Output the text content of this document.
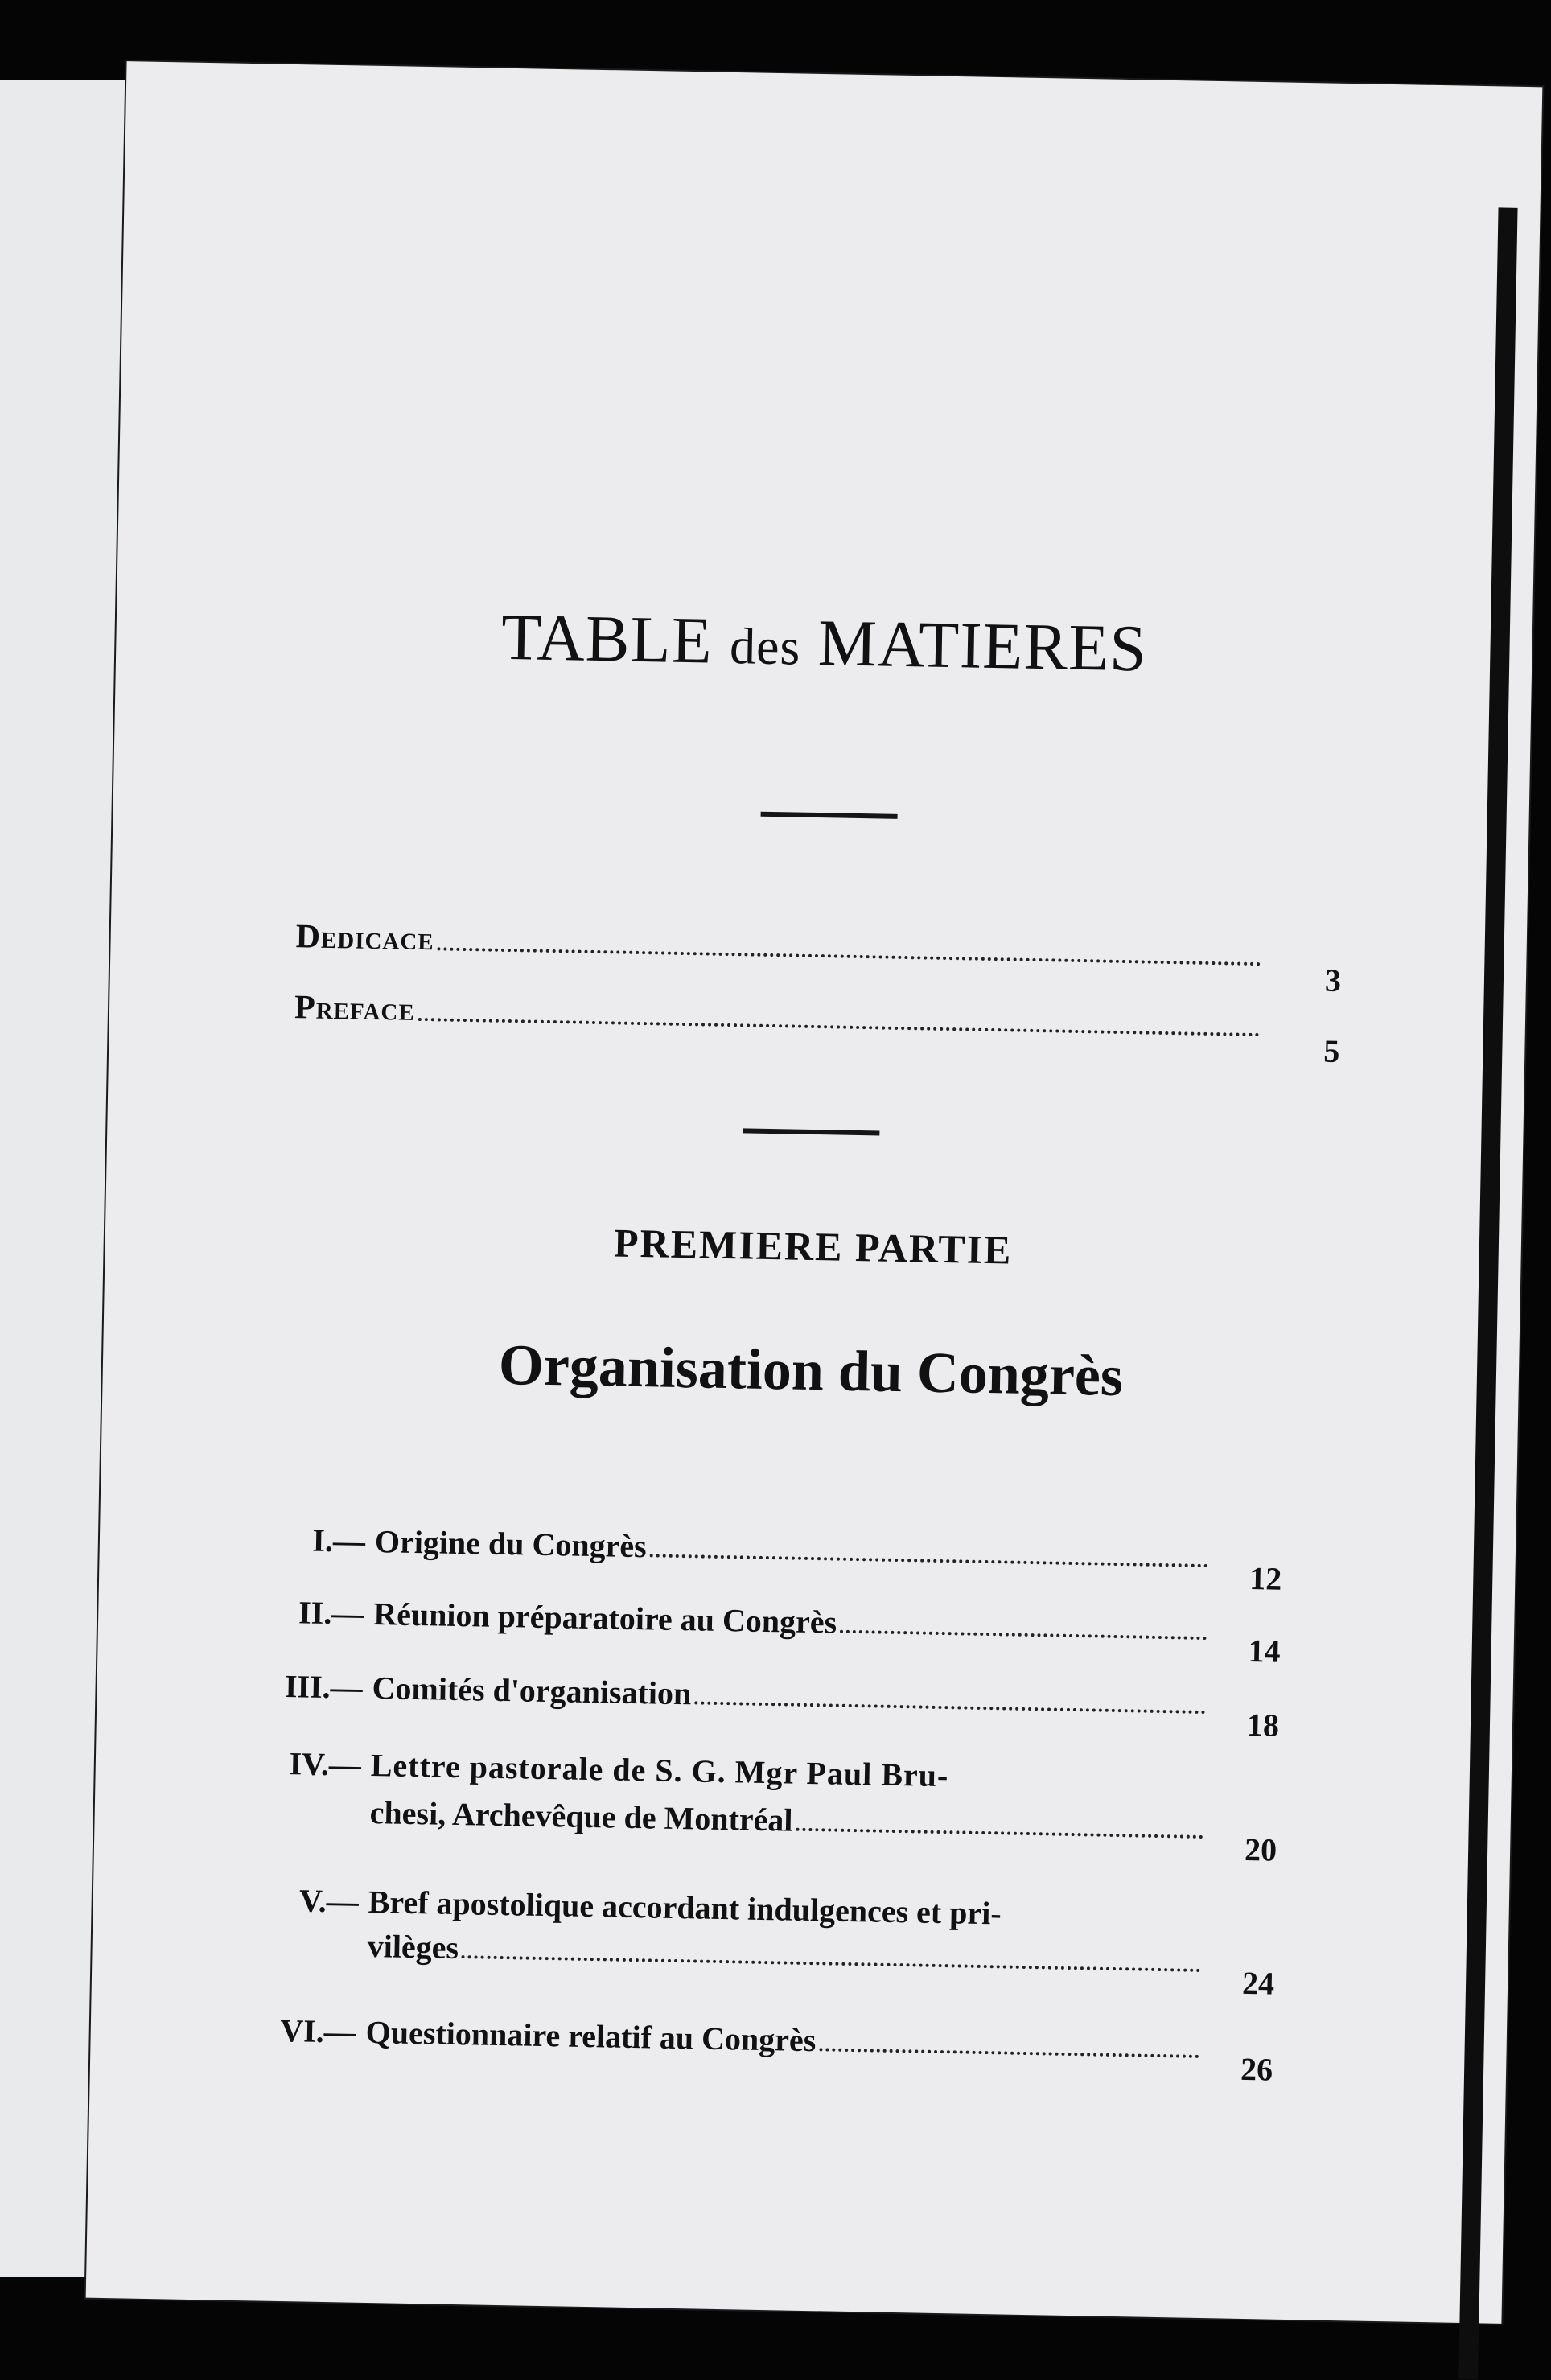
TABLE des MATIERES
Dedicace
3
Preface
5
PREMIERE PARTIE
Organisation du Congrès
I.— Origine du Congrès
12
II.— Réunion préparatoire au Congrès
14
III.— Comités d'organisation
18
IV.— Lettre pastorale de S. G. Mgr Paul Bru-
chesi, Archevêque de Montréal
20
V.— Bref apostolique accordant indulgences et pri-
vilèges
24
VI.— Questionnaire relatif au Congrès
26
